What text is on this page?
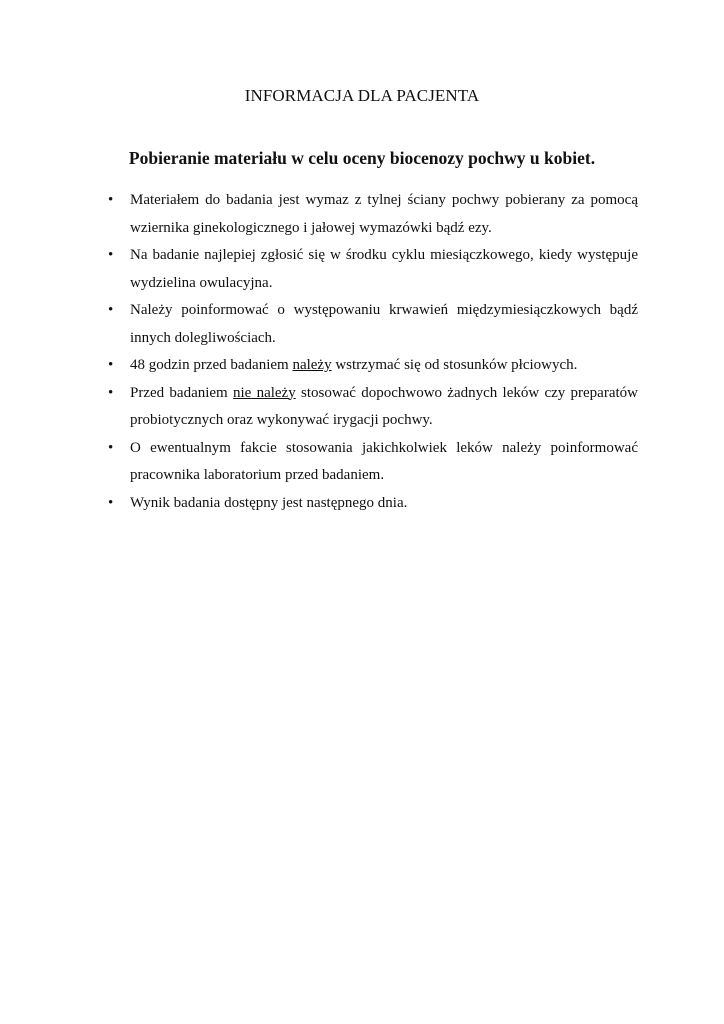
INFORMACJA DLA PACJENTA
Pobieranie materiału w celu oceny biocenozy pochwy u kobiet.
•	Materiałem do badania jest wymaz z tylnej ściany pochwy pobierany za pomocą wziernika ginekologicznego i jałowej wymazówki bądź ezy.
•	Na badanie najlepiej zgłosić się w środku cyklu miesiączkowego, kiedy występuje wydzielina owulacyjna.
•	Należy poinformować o występowaniu krwawień międzymiesiączkowych bądź innych dolegliwościach.
•	48 godzin przed badaniem należy wstrzymać się od stosunków płciowych.
•	Przed badaniem nie należy stosować dopochwowo żadnych leków czy preparatów probiotycznych oraz wykonywać irygacji pochwy.
•	O ewentualnym fakcie stosowania jakichkolwiek leków należy poinformować pracownika laboratorium przed badaniem.
•	Wynik badania dostępny jest następnego dnia.
